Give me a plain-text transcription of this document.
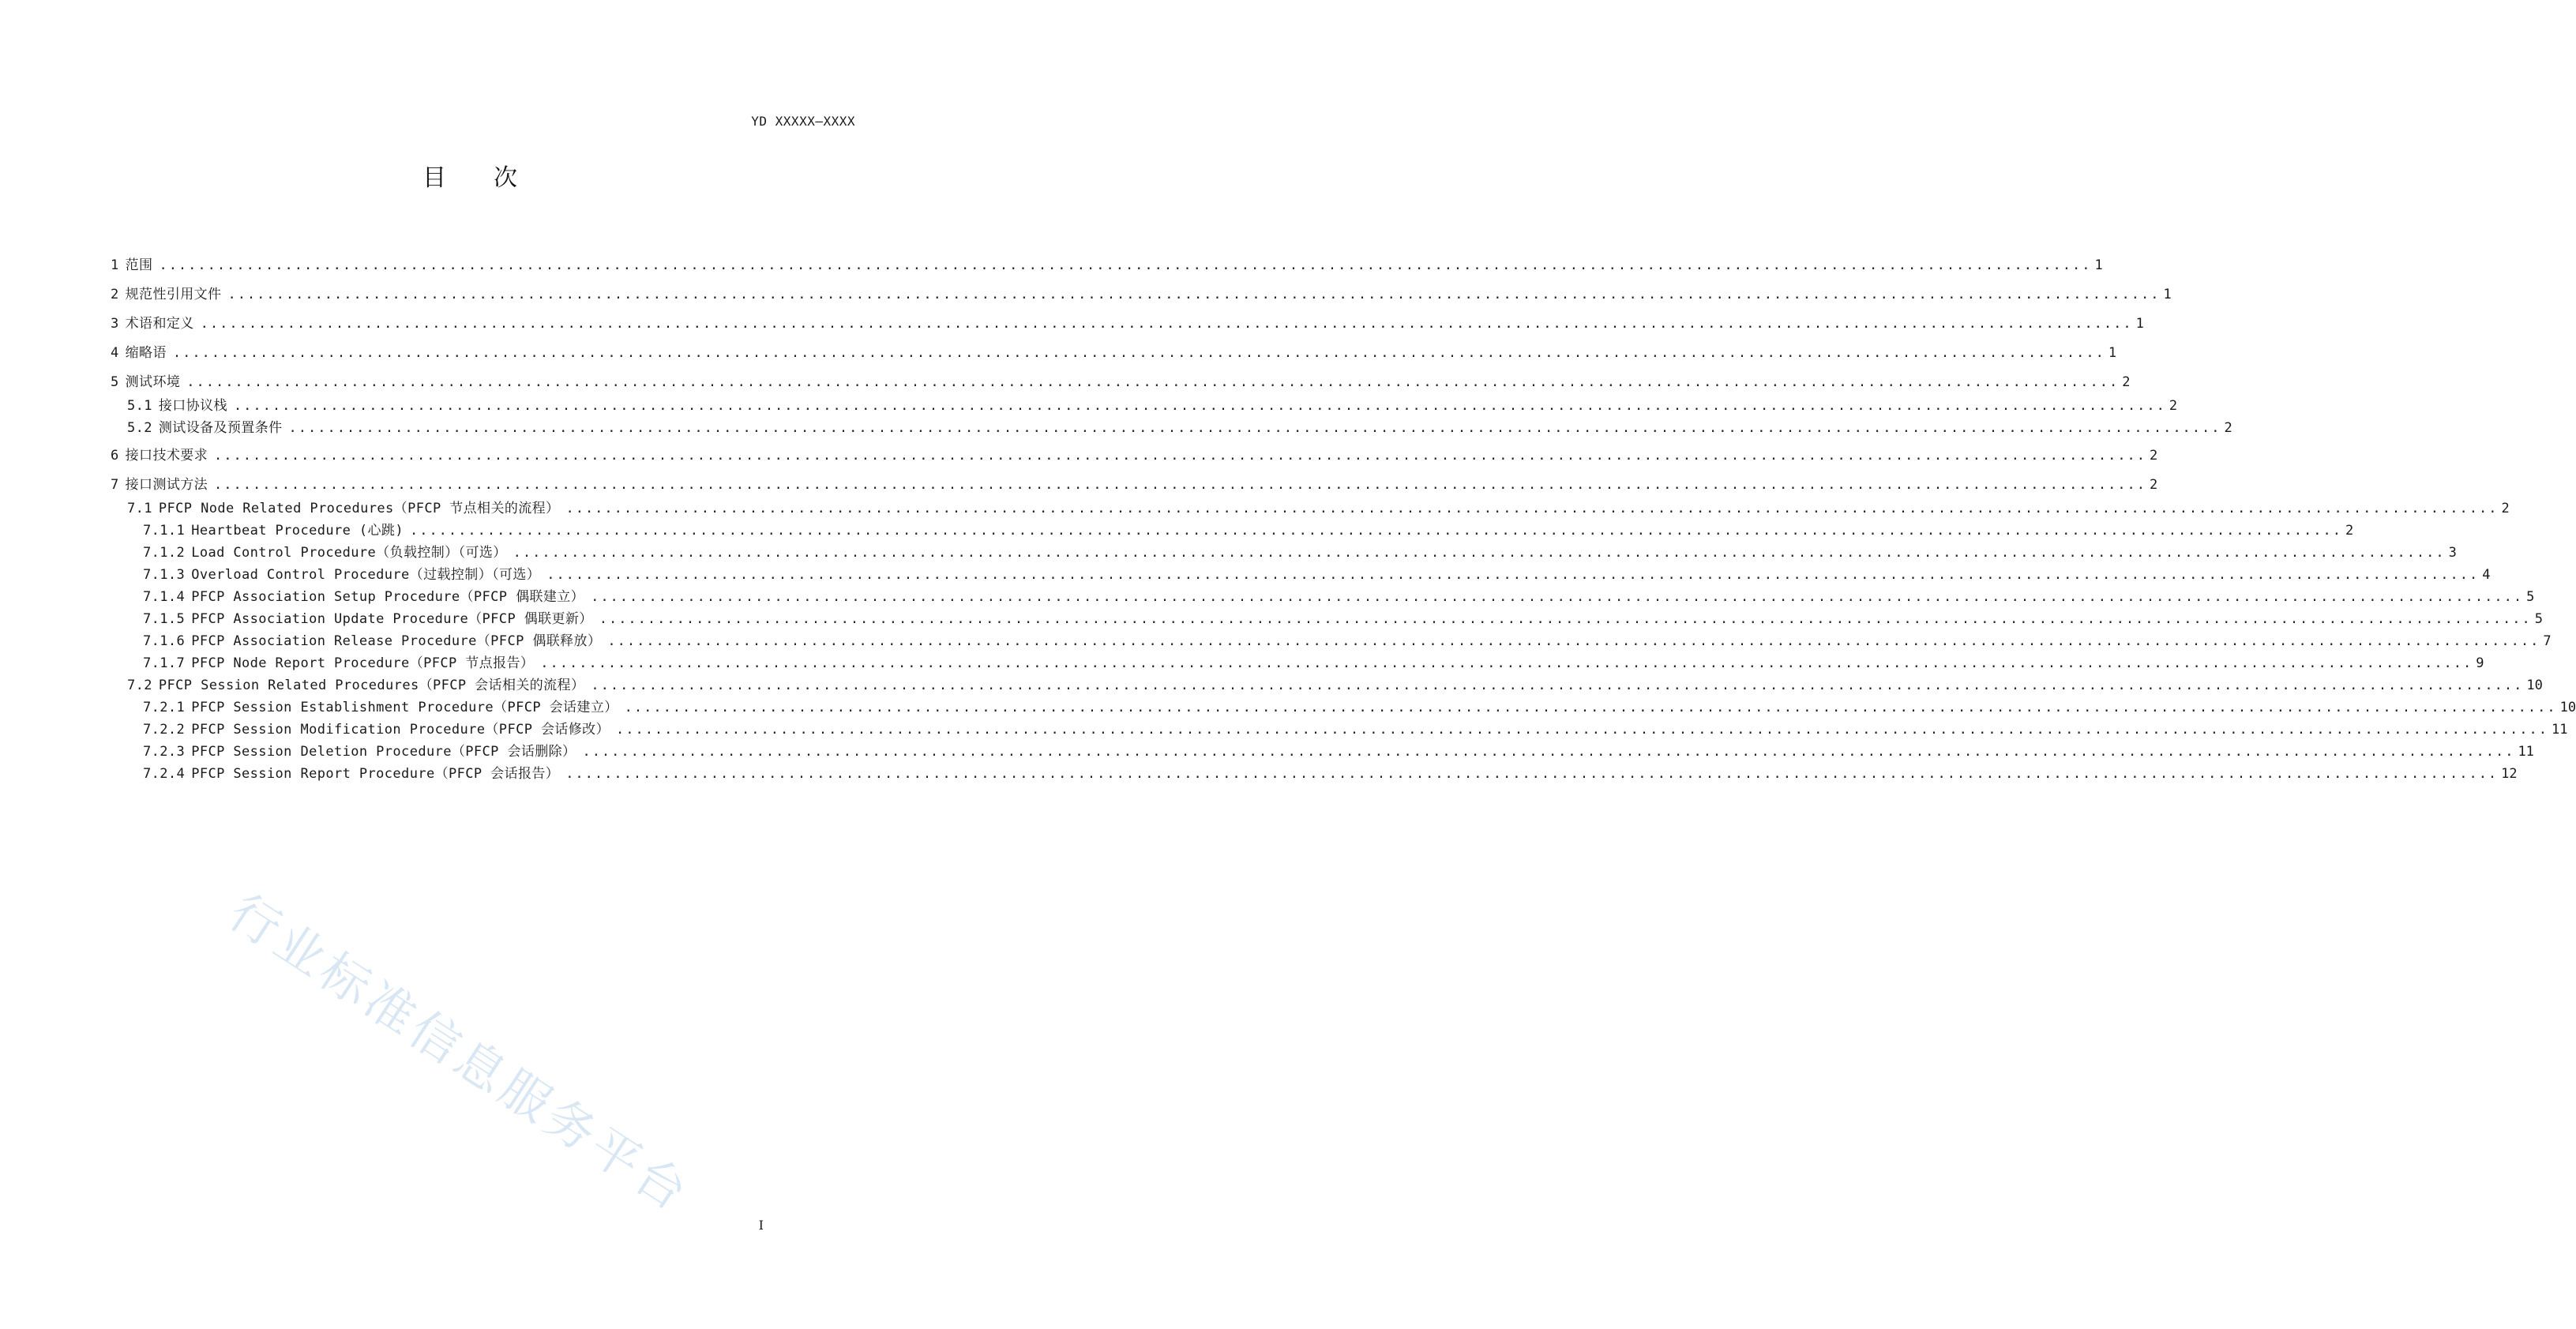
YD XXXXX—XXXX
目次
1 范围 ........................................................................................................................................................................................................ 1
2 规范性引用文件 ........................................................................................................................................................................................................ 1
3 术语和定义 ........................................................................................................................................................................................................ 1
4 缩略语 ........................................................................................................................................................................................................ 1
5 测试环境 ........................................................................................................................................................................................................ 2
5.1 接口协议栈 ........................................................................................................................................................................................................ 2
5.2 测试设备及预置条件 ........................................................................................................................................................................................................ 2
6 接口技术要求 ........................................................................................................................................................................................................ 2
7 接口测试方法 ........................................................................................................................................................................................................ 2
7.1 PFCP Node Related Procedures（PFCP 节点相关的流程） ........................................................................................................................................................................................................ 2
7.1.1 Heartbeat Procedure (心跳) ........................................................................................................................................................................................................ 2
7.1.2 Load Control Procedure（负载控制）（可选） ........................................................................................................................................................................................................ 3
7.1.3 Overload Control Procedure（过载控制）（可选） ........................................................................................................................................................................................................ 4
7.1.4 PFCP Association Setup Procedure（PFCP 偶联建立） ........................................................................................................................................................................................................ 5
7.1.5 PFCP Association Update Procedure（PFCP 偶联更新） ........................................................................................................................................................................................................ 5
7.1.6 PFCP Association Release Procedure（PFCP 偶联释放） ........................................................................................................................................................................................................ 7
7.1.7 PFCP Node Report Procedure（PFCP 节点报告） ........................................................................................................................................................................................................ 9
7.2 PFCP Session Related Procedures（PFCP 会话相关的流程） ........................................................................................................................................................................................................ 10
7.2.1 PFCP Session Establishment Procedure（PFCP 会话建立） ........................................................................................................................................................................................................ 10
7.2.2 PFCP Session Modification Procedure（PFCP 会话修改） ........................................................................................................................................................................................................ 11
7.2.3 PFCP Session Deletion Procedure（PFCP 会话删除） ........................................................................................................................................................................................................ 11
7.2.4 PFCP Session Report Procedure（PFCP 会话报告） ........................................................................................................................................................................................................ 12
行业标准信息服务平台
I
